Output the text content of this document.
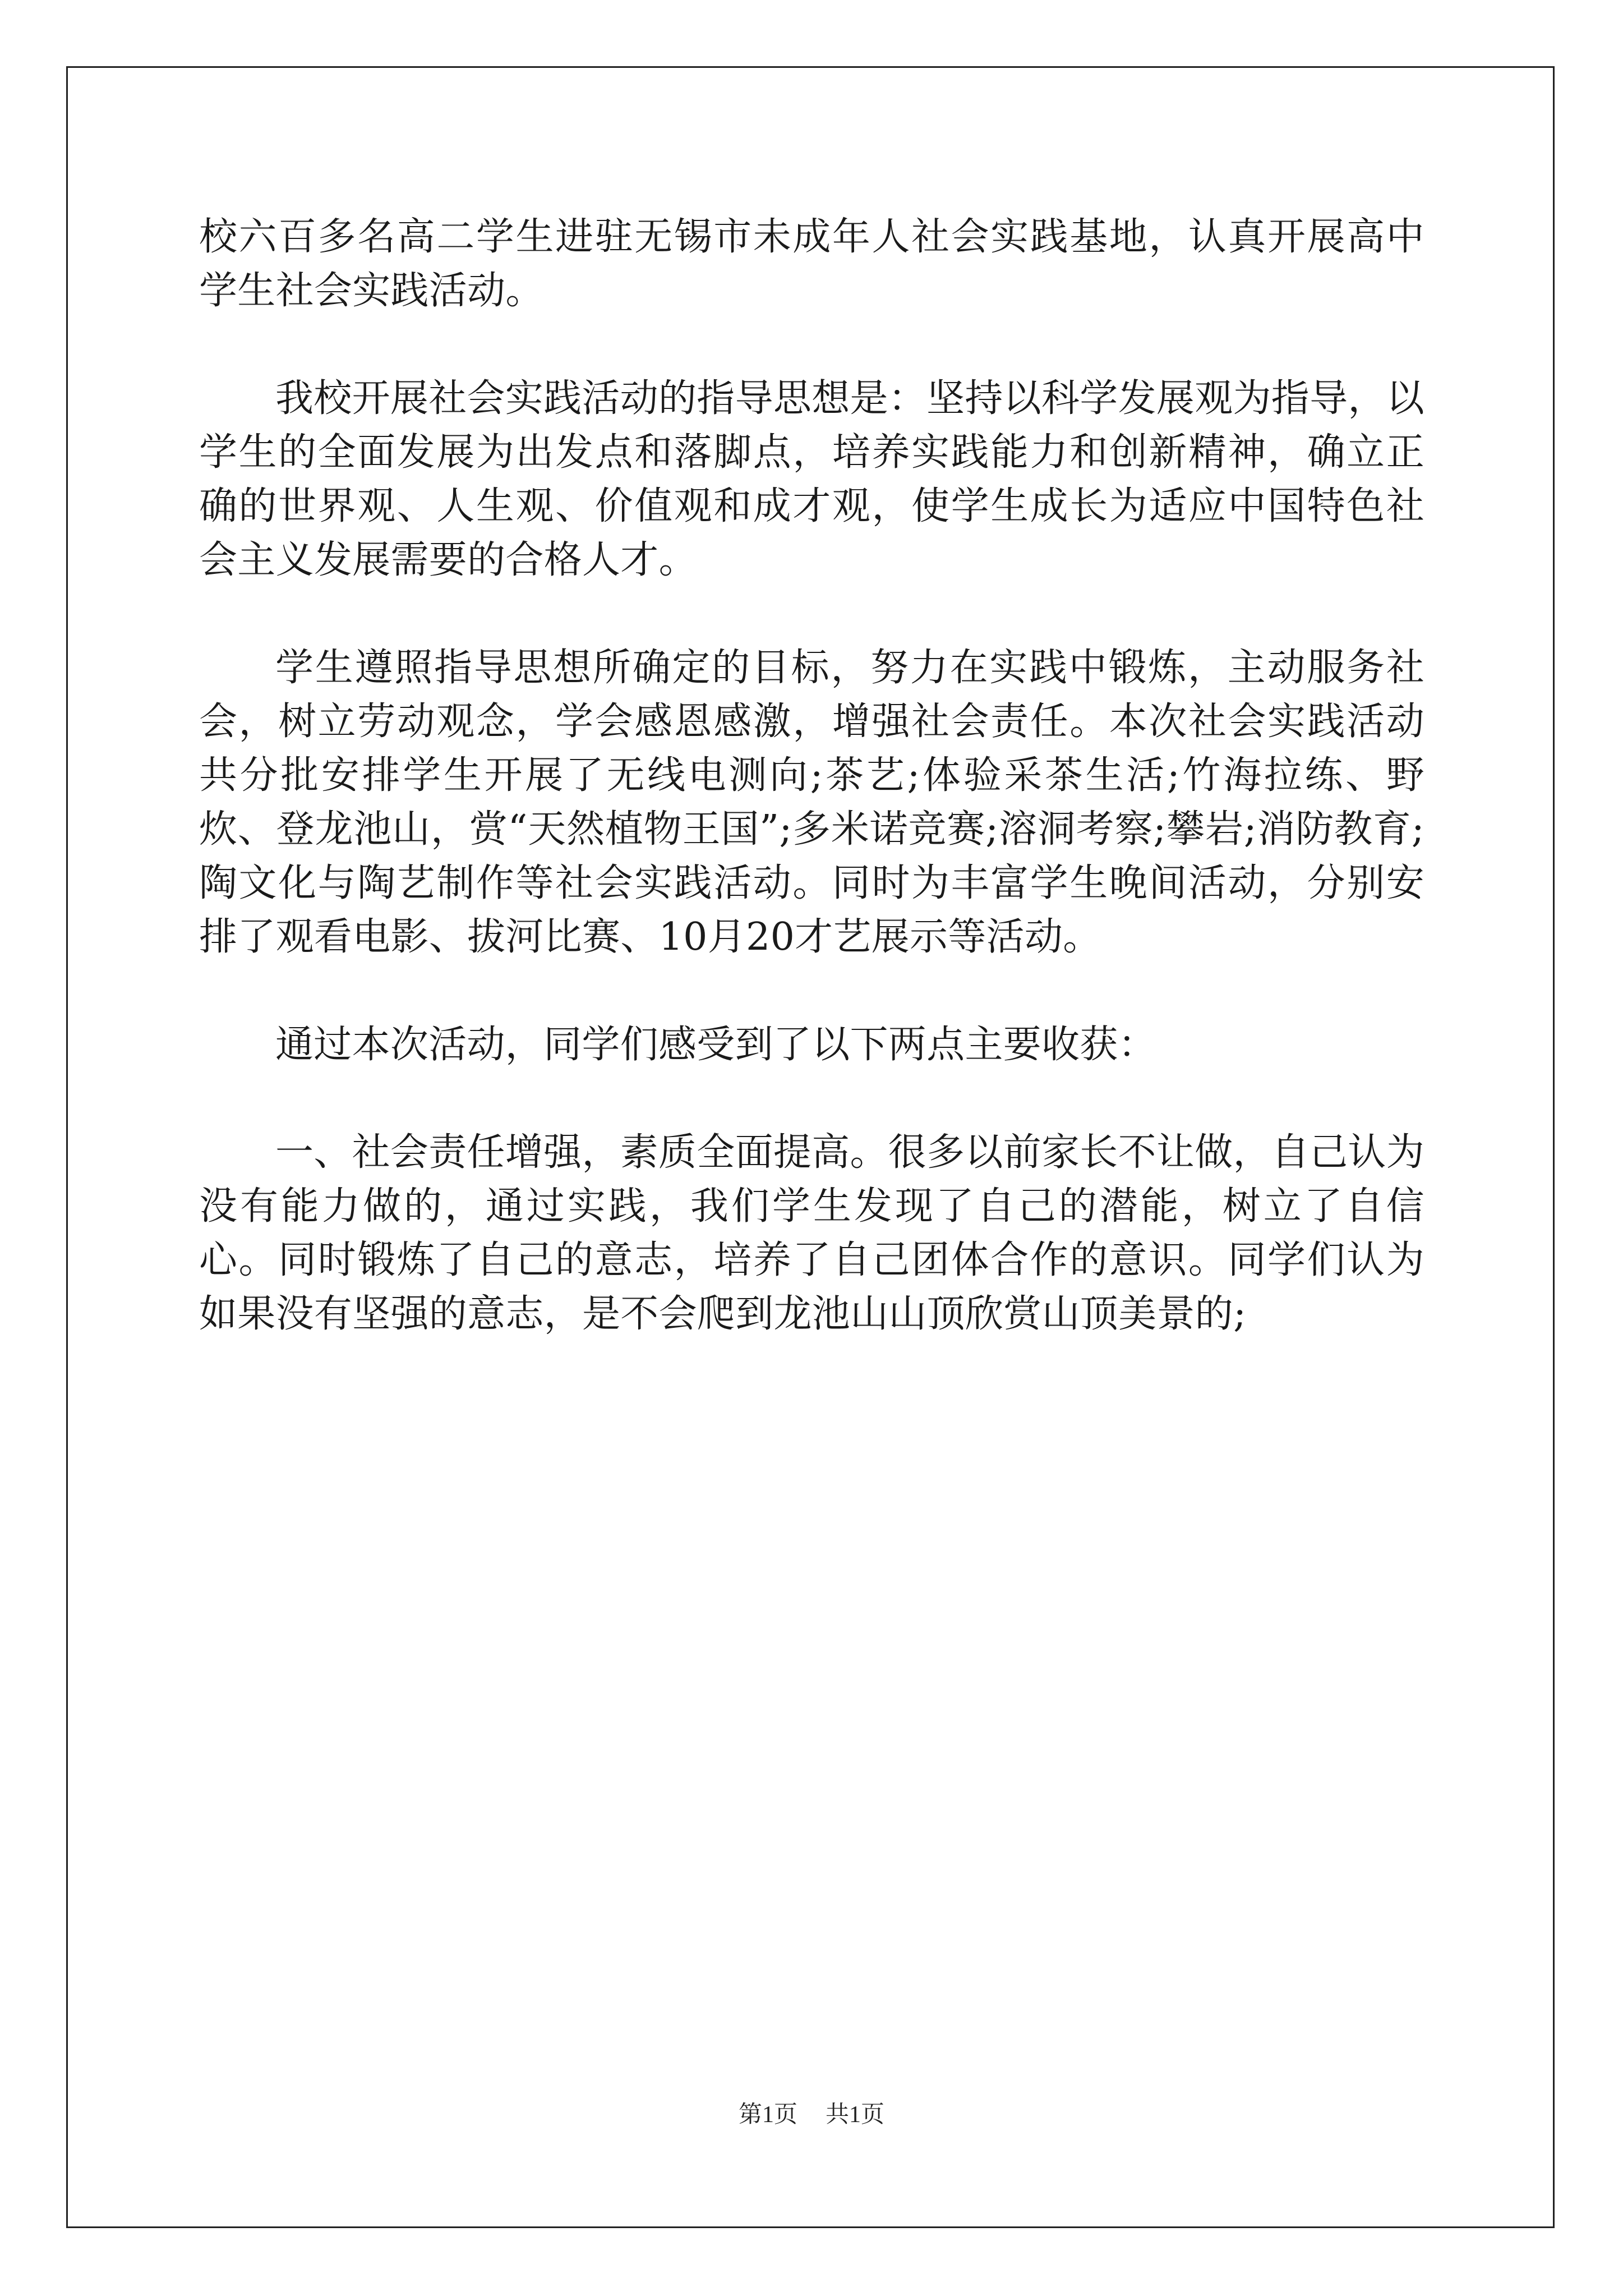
校六百多名高二学生进驻无锡市未成年人社会实践基地，认真开展高中学生社会实践活动。

我校开展社会实践活动的指导思想是：坚持以科学发展观为指导，以学生的全面发展为出发点和落脚点，培养实践能力和创新精神，确立正确的世界观、人生观、价值观和成才观，使学生成长为适应中国特色社会主义发展需要的合格人才。

学生遵照指导思想所确定的目标，努力在实践中锻炼，主动服务社会，树立劳动观念，学会感恩感激，增强社会责任。本次社会实践活动共分批安排学生开展了无线电测向;茶艺;体验采茶生活;竹海拉练、野炊、登龙池山，赏“天然植物王国”;多米诺竞赛;溶洞考察;攀岩;消防教育;陶文化与陶艺制作等社会实践活动。同时为丰富学生晚间活动，分别安排了观看电影、拔河比赛、10月20才艺展示等活动。

通过本次活动，同学们感受到了以下两点主要收获：

一、社会责任增强，素质全面提高。很多以前家长不让做，自己认为没有能力做的，通过实践，我们学生发现了自己的潜能，树立了自信心。同时锻炼了自己的意志，培养了自己团体合作的意识。同学们认为如果没有坚强的意志，是不会爬到龙池山山顶欣赏山顶美景的;

第1页 共1页
